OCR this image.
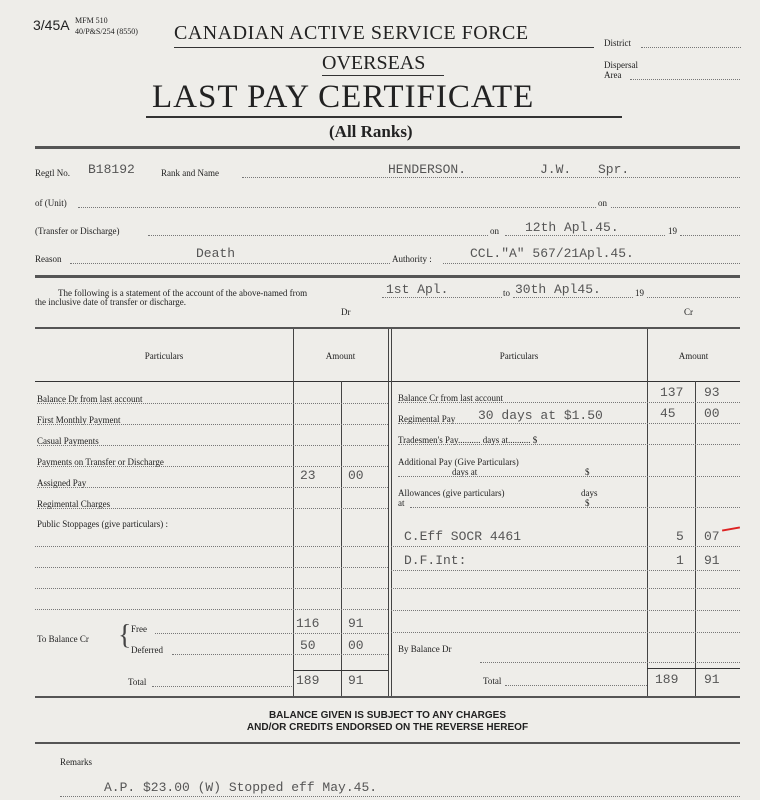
3/45A MFM 510
40/P&S/254 (8550) CANADIAN ACTIVE SERVICE FORCE
OVERSEAS
LAST PAY CERTIFICATE
(All Ranks)
District
Dispersal
Area
Regtl No. B18192	Rank and Name	HENDERSON.	J.W. Spr.
of (Unit)	on
(Transfer or Discharge)	on 12th Apl.45.	19
Reason	Death	Authority :	CCL."A" 567/21Apl.45.
The following is a statement of the account of the above-named from	1st Apl.	to 30th Apl45.	19
the inclusive date of transfer or discharge.
Dr	Cr
Particulars	Amount	Particulars	Amount
Balance Dr from last account
First Monthly Payment
Casual Payments
Payments on Transfer or Discharge
Assigned Pay	23 00
Regimental Charges
Public Stoppages (give particulars) :
To Balance Cr { Free	116 91
Deferred	50 00
Total	189 91
Balance Cr from last account	137 93
Regimental Pay 30 days at $1.50	45 00
Tradesmen's Pay.......... days at.......... $
Additional Pay (Give Particulars)
days at	$
Allowances (give particulars)	days
at	$
C.Eff SOCR 4461	5 07
D.F.Int:	1 91
By Balance Dr
Total	189 91
BALANCE GIVEN IS SUBJECT TO ANY CHARGES
AND/OR CREDITS ENDORSED ON THE REVERSE HEREOF
Remarks
A.P. $23.00 (W) Stopped eff May.45.
